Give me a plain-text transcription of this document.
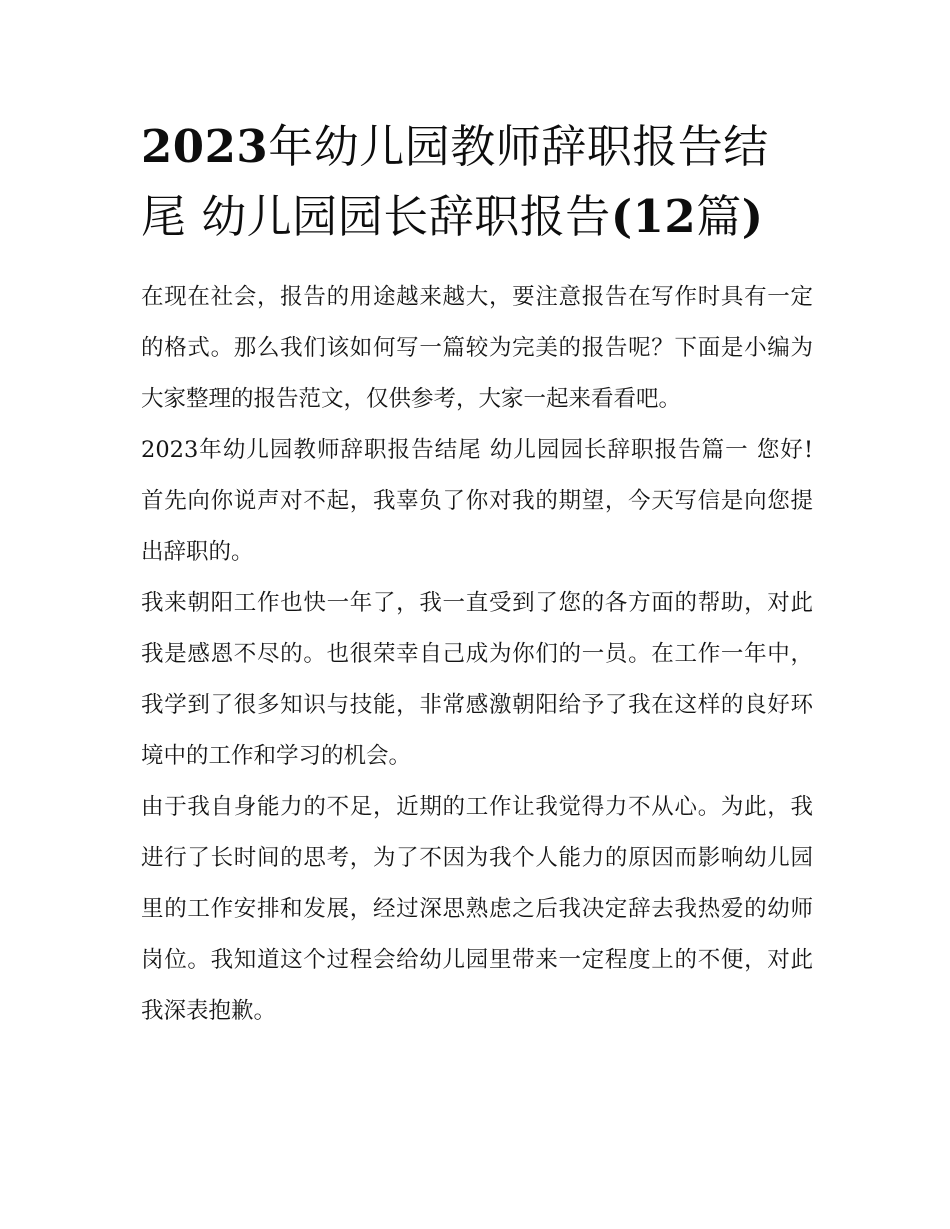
2023年幼儿园教师辞职报告结尾 幼儿园园长辞职报告(12篇)

在现在社会，报告的用途越来越大，要注意报告在写作时具有一定的格式。那么我们该如何写一篇较为完美的报告呢？下面是小编为大家整理的报告范文，仅供参考，大家一起来看看吧。

2023年幼儿园教师辞职报告结尾 幼儿园园长辞职报告篇一 您好! 首先向你说声对不起，我辜负了你对我的期望，今天写信是向您提出辞职的。

我来朝阳工作也快一年了，我一直受到了您的各方面的帮助，对此我是感恩不尽的。也很荣幸自己成为你们的一员。在工作一年中，我学到了很多知识与技能，非常感激朝阳给予了我在这样的良好环境中的工作和学习的机会。

由于我自身能力的不足，近期的工作让我觉得力不从心。为此，我进行了长时间的思考，为了不因为我个人能力的原因而影响幼儿园里的工作安排和发展，经过深思熟虑之后我决定辞去我热爱的幼师岗位。我知道这个过程会给幼儿园里带来一定程度上的不便，对此我深表抱歉。
